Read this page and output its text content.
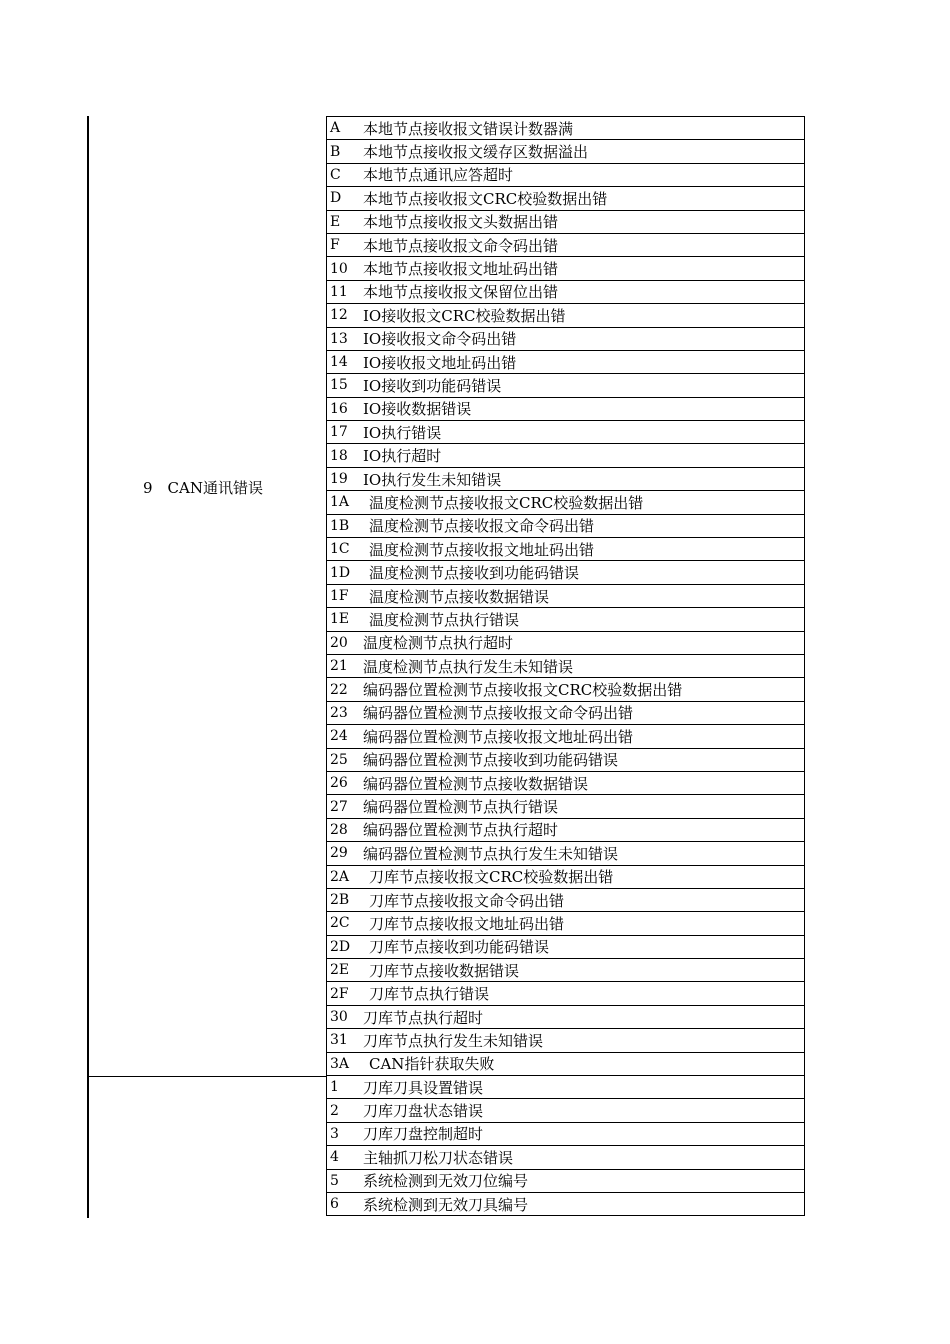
9 CAN通讯错误
A	本地节点接收报文错误计数器满
B	本地节点接收报文缓存区数据溢出
C	本地节点通讯应答超时
D	本地节点接收报文CRC校验数据出错
E	本地节点接收报文头数据出错
F	本地节点接收报文命令码出错
10	本地节点接收报文地址码出错
11	本地节点接收报文保留位出错
12	IO接收报文CRC校验数据出错
13	IO接收报文命令码出错
14	IO接收报文地址码出错
15	IO接收到功能码错误
16	IO接收数据错误
17	IO执行错误
18	IO执行超时
19	IO执行发生未知错误
1A	温度检测节点接收报文CRC校验数据出错
1B	温度检测节点接收报文命令码出错
1C	温度检测节点接收报文地址码出错
1D	温度检测节点接收到功能码错误
1F	温度检测节点接收数据错误
1E	温度检测节点执行错误
20	温度检测节点执行超时
21	温度检测节点执行发生未知错误
22	编码器位置检测节点接收报文CRC校验数据出错
23	编码器位置检测节点接收报文命令码出错
24	编码器位置检测节点接收报文地址码出错
25	编码器位置检测节点接收到功能码错误
26	编码器位置检测节点接收数据错误
27	编码器位置检测节点执行错误
28	编码器位置检测节点执行超时
29	编码器位置检测节点执行发生未知错误
2A	刀库节点接收报文CRC校验数据出错
2B	刀库节点接收报文命令码出错
2C	刀库节点接收报文地址码出错
2D	刀库节点接收到功能码错误
2E	刀库节点接收数据错误
2F	刀库节点执行错误
30	刀库节点执行超时
31	刀库节点执行发生未知错误
3A	CAN指针获取失败
1	刀库刀具设置错误
2	刀库刀盘状态错误
3	刀库刀盘控制超时
4	主轴抓刀松刀状态错误
5	系统检测到无效刀位编号
6	系统检测到无效刀具编号
